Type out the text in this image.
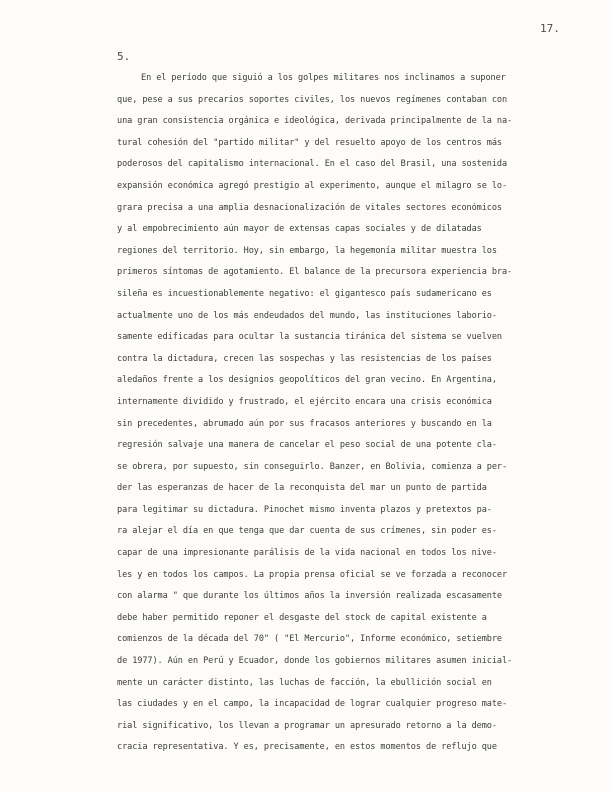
17.
5.
En el período que siguió a los golpes militares nos inclinamos a suponer
que, pese a sus precarios soportes civiles, los nuevos regímenes contaban con
una gran consistencia orgánica e ideológica, derivada principalmente de la na-
tural cohesión del "partido militar" y del resuelto apoyo de los centros más
poderosos del capitalismo internacional. En el caso del Brasil, una sostenida
expansión económica agregó prestigio al experimento, aunque el milagro se lo-
grara precisa a una amplia desnacionalización de vitales sectores económicos
y al empobrecimiento aún mayor de extensas capas sociales y de dilatadas
regiones del territorio. Hoy, sin embargo, la hegemonía militar muestra los
primeros síntomas de agotamiento. El balance de la precursora experiencia bra-
sileña es incuestionablemente negativo: el gigantesco país sudamericano es
actualmente uno de los más endeudados del mundo, las instituciones laborio-
samente edificadas para ocultar la sustancia tiránica del sistema se vuelven
contra la dictadura, crecen las sospechas y las resistencias de los países
aledaños frente a los designios geopolíticos del gran vecino. En Argentina,
internamente dividido y frustrado, el ejército encara una crisis económica
sin precedentes, abrumado aún por sus fracasos anteriores y buscando en la
regresión salvaje una manera de cancelar el peso social de una potente cla-
se obrera, por supuesto, sin conseguirlo. Banzer, en Bolivia, comienza a per-
der las esperanzas de hacer de la reconquista del mar un punto de partida
para legitimar su dictadura. Pinochet mismo inventa plazos y pretextos pa-
ra alejar el día en que tenga que dar cuenta de sus crímenes, sin poder es-
capar de una impresionante parálisis de la vida nacional en todos los nive-
les y en todos los campos. La propia prensa oficial se ve forzada a reconocer
con alarma " que durante los últimos años la inversión realizada escasamente
debe haber permitido reponer el desgaste del stock de capital existente a
comienzos de la década del 70" ( "El Mercurio", Informe económico, setiembre
de 1977). Aún en Perú y Ecuador, donde los gobiernos militares asumen inicial-
mente un carácter distinto, las luchas de facción, la ebullición social en
las ciudades y en el campo, la incapacidad de lograr cualquier progreso mate-
rial significativo, los llevan a programar un apresurado retorno a la demo-
cracia representativa. Y es, precisamente, en estos momentos de reflujo que
